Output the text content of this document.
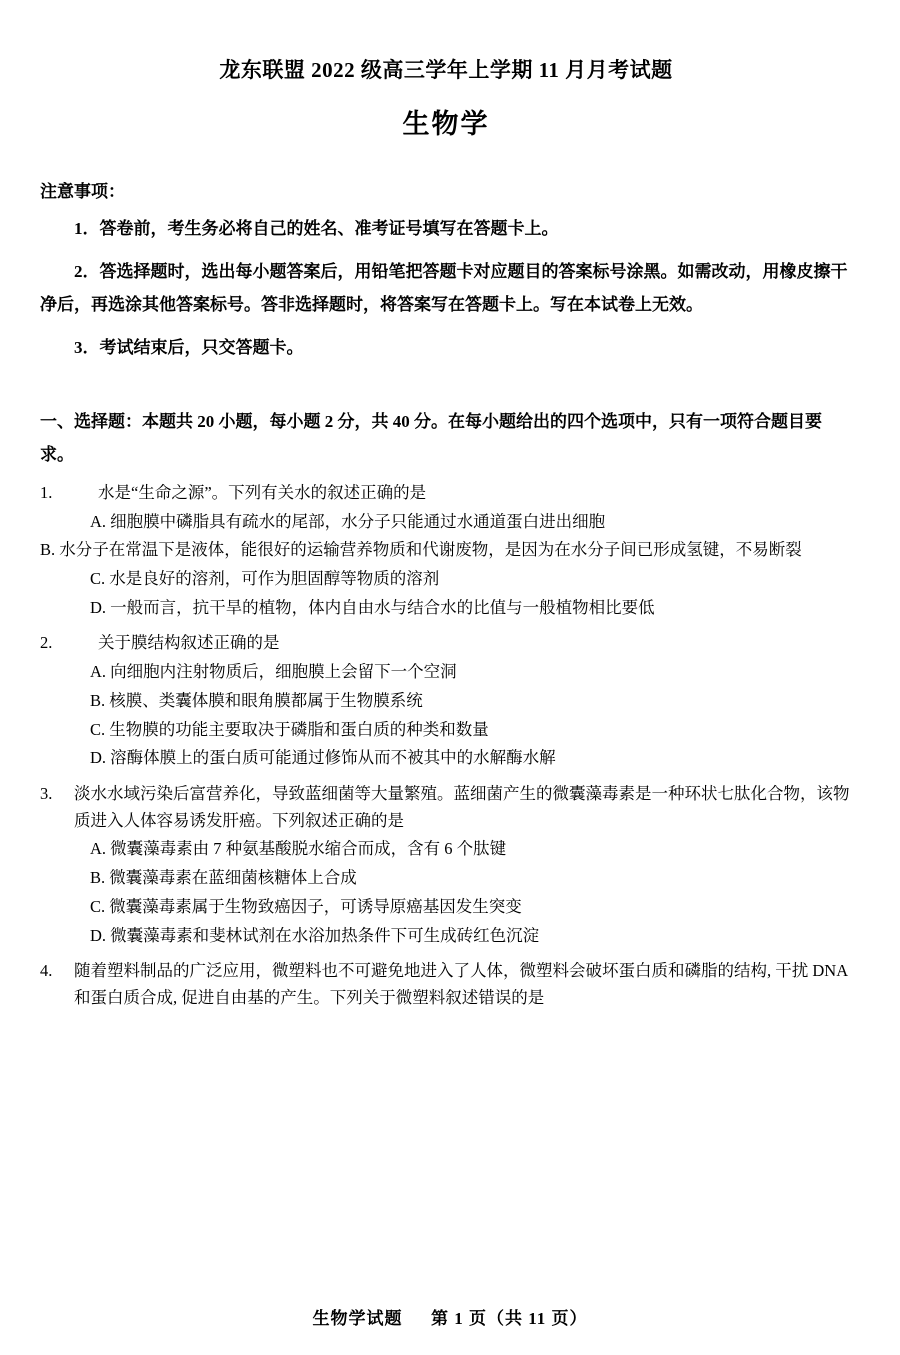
龙东联盟 2022 级高三学年上学期 11 月月考试题
生物学
注意事项：
1．答卷前，考生务必将自己的姓名、准考证号填写在答题卡上。
2．答选择题时，选出每小题答案后，用铅笔把答题卡对应题目的答案标号涂黑。如需改动，用橡皮擦干净后，再选涂其他答案标号。答非选择题时，将答案写在答题卡上。写在本试卷上无效。
3．考试结束后，只交答题卡。
一、选择题：本题共 20 小题，每小题 2 分，共 40 分。在每小题给出的四个选项中，只有一项符合题目要求。
1.	水是“生命之源”。下列有关水的叙述正确的是
A. 细胞膜中磷脂具有疏水的尾部，水分子只能通过水通道蛋白进出细胞
B. 水分子在常温下是液体，能很好的运输营养物质和代谢废物，是因为在水分子间已形成氢键，不易断裂
C. 水是良好的溶剂，可作为胆固醇等物质的溶剂
D. 一般而言，抗干旱的植物，体内自由水与结合水的比值与一般植物相比要低
2.	关于膜结构叙述正确的是
A. 向细胞内注射物质后，细胞膜上会留下一个空洞
B. 核膜、类囊体膜和眼角膜都属于生物膜系统
C. 生物膜的功能主要取决于磷脂和蛋白质的种类和数量
D. 溶酶体膜上的蛋白质可能通过修饰从而不被其中的水解酶水解
3.	淡水水域污染后富营养化，导致蓝细菌等大量繁殖。蓝细菌产生的微囊藻毒素是一种环状七肽化合物，该物质进入人体容易诱发肝癌。下列叙述正确的是
A. 微囊藻毒素由 7 种氨基酸脱水缩合而成，含有 6 个肽键
B. 微囊藻毒素在蓝细菌核糖体上合成
C. 微囊藻毒素属于生物致癌因子，可诱导原癌基因发生突变
D. 微囊藻毒素和斐林试剂在水浴加热条件下可生成砖红色沉淀
4.	随着塑料制品的广泛应用，微塑料也不可避免地进入了人体，微塑料会破坏蛋白质和磷脂的结构, 干扰 DNA 和蛋白质合成, 促进自由基的产生。下列关于微塑料叙述错误的是
生物学试题 第 1 页（共 11 页）
